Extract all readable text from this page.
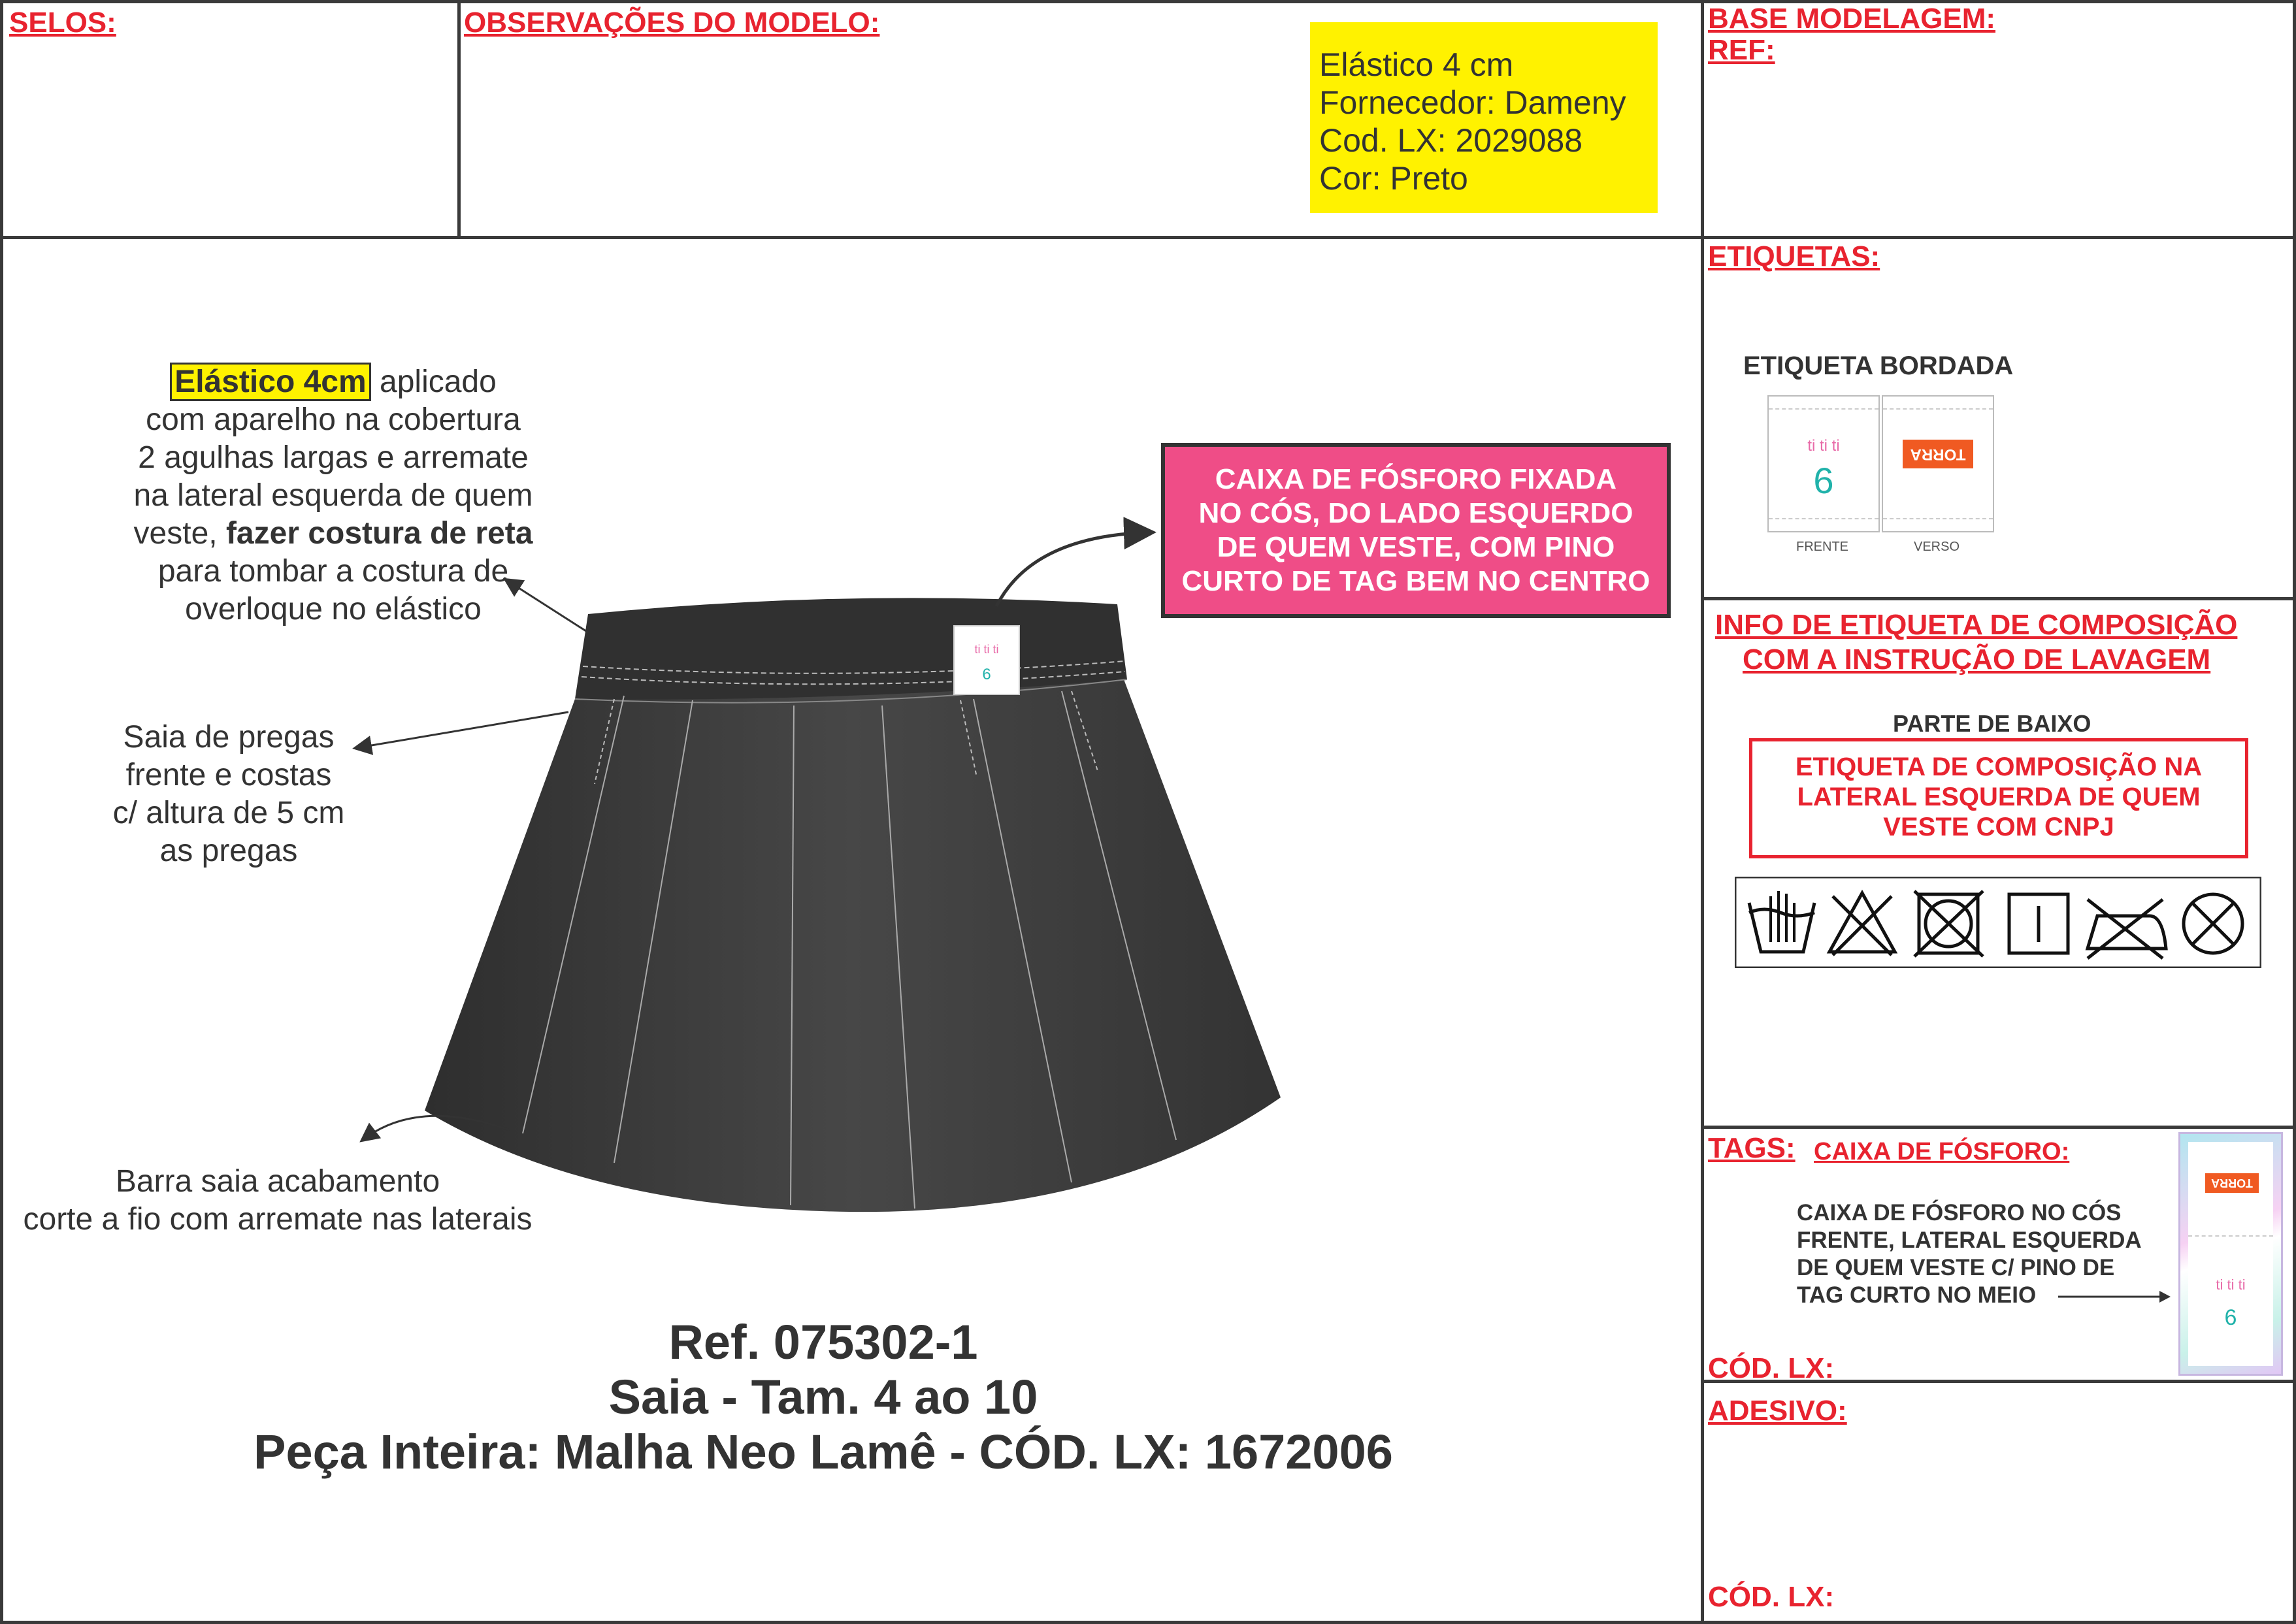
SELOS:	OBSERVAÇÕES DO MODELO:
Elástico 4 cm
Fornecedor: Dameny
Cod. LX: 2029088
Cor: Preto
BASE MODELAGEM:
REF:
Elástico 4cm aplicado
com aparelho na cobertura
2 agulhas largas e arremate
na lateral esquerda de quem
veste, fazer costura de reta
para tombar a costura de
overloque no elástico
Saia de pregas
frente e costas
c/ altura de 5 cm
as pregas
Barra saia acabamento
corte a fio com arremate nas laterais
CAIXA DE FÓSFORO FIXADA
NO CÓS, DO LADO ESQUERDO
DE QUEM VESTE, COM PINO
CURTO DE TAG BEM NO CENTRO
ti ti ti
6
Ref. 075302-1
Saia - Tam. 4 ao 10
Peça Inteira: Malha Neo Lamê - CÓD. LX: 1672006
ETIQUETAS:
ETIQUETA BORDADA
ti ti ti
6
TORRA
FRENTE	VERSO
INFO DE ETIQUETA DE COMPOSIÇÃO
COM A INSTRUÇÃO DE LAVAGEM
PARTE DE BAIXO
ETIQUETA DE COMPOSIÇÃO NA
LATERAL ESQUERDA DE QUEM
VESTE COM CNPJ
TAGS: CAIXA DE FÓSFORO:
CAIXA DE FÓSFORO NO CÓS
FRENTE, LATERAL ESQUERDA
DE QUEM VESTE C/ PINO DE
TAG CURTO NO MEIO
TORRA
ti ti ti
6
CÓD. LX:
ADESIVO:
CÓD. LX:
